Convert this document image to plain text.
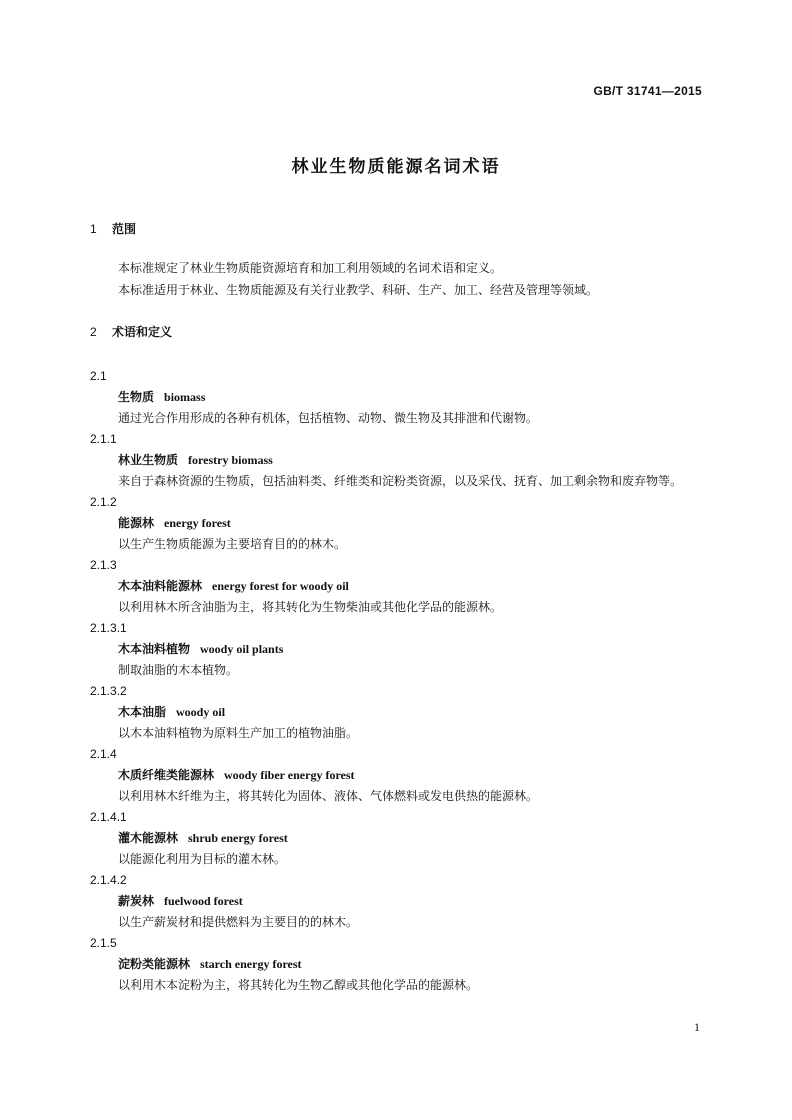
GB/T 31741—2015
林业生物质能源名词术语
1 范围
本标准规定了林业生物质能资源培育和加工利用领域的名词术语和定义。
本标准适用于林业、生物质能源及有关行业教学、科研、生产、加工、经营及管理等领域。
2 术语和定义
2.1
生物质 biomass
通过光合作用形成的各种有机体，包括植物、动物、微生物及其排泄和代谢物。
2.1.1
林业生物质 forestry biomass
来自于森林资源的生物质，包括油料类、纤维类和淀粉类资源，以及采伐、抚育、加工剩余物和废弃物等。
2.1.2
能源林 energy forest
以生产生物质能源为主要培育目的的林木。
2.1.3
木本油料能源林 energy forest for woody oil
以利用林木所含油脂为主，将其转化为生物柴油或其他化学品的能源林。
2.1.3.1
木本油料植物 woody oil plants
制取油脂的木本植物。
2.1.3.2
木本油脂 woody oil
以木本油料植物为原料生产加工的植物油脂。
2.1.4
木质纤维类能源林 woody fiber energy forest
以利用林木纤维为主，将其转化为固体、液体、气体燃料或发电供热的能源林。
2.1.4.1
灌木能源林 shrub energy forest
以能源化利用为目标的灌木林。
2.1.4.2
薪炭林 fuelwood forest
以生产薪炭材和提供燃料为主要目的的林木。
2.1.5
淀粉类能源林 starch energy forest
以利用木本淀粉为主，将其转化为生物乙醇或其他化学品的能源林。
1
